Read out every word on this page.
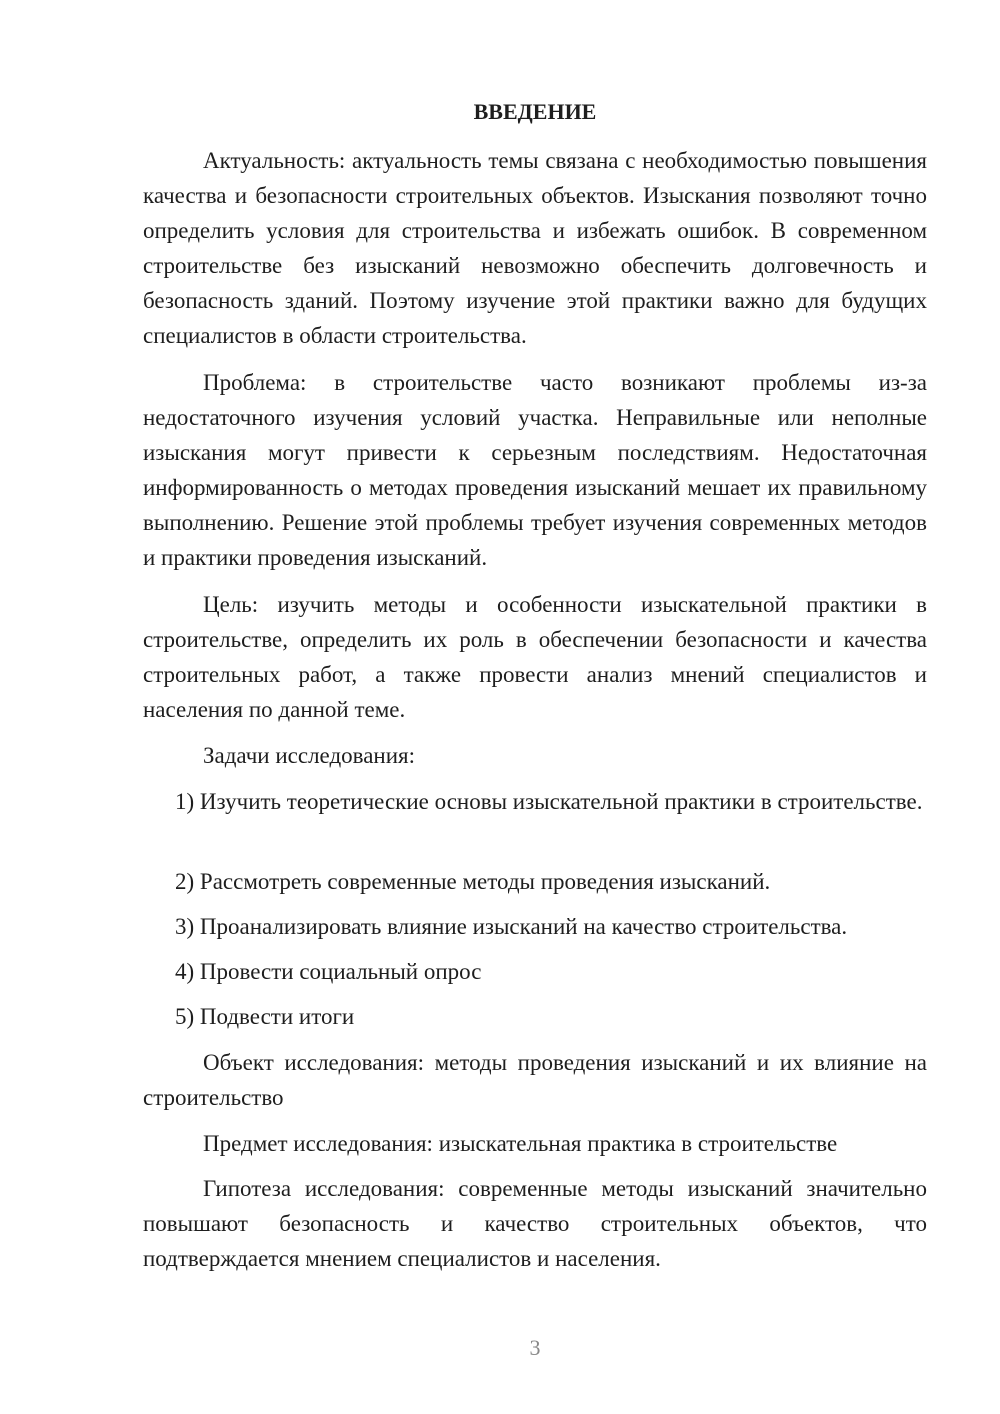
ВВЕДЕНИЕ

Актуальность: актуальность темы связана с необходимостью повышения качества и безопасности строительных объектов. Изыскания позволяют точно определить условия для строительства и избежать ошибок. В современном строительстве без изысканий невозможно обеспечить долговечность и безопасность зданий. Поэтому изучение этой практики важно для будущих специалистов в области строительства.

Проблема: в строительстве часто возникают проблемы из-за недостаточного изучения условий участка. Неправильные или неполные изыскания могут привести к серьезным последствиям. Недостаточная информированность о методах проведения изысканий мешает их правильному выполнению. Решение этой проблемы требует изучения современных методов и практики проведения изысканий.

Цель: изучить методы и особенности изыскательной практики в строительстве, определить их роль в обеспечении безопасности и качества строительных работ, а также провести анализ мнений специалистов и населения по данной теме.

Задачи исследования:

1) Изучить теоретические основы изыскательной практики в строительстве.

2) Рассмотреть современные методы проведения изысканий.

3) Проанализировать влияние изысканий на качество строительства.

4) Провести социальный опрос

5) Подвести итоги

Объект исследования: методы проведения изысканий и их влияние на строительство

Предмет исследования: изыскательная практика в строительстве

Гипотеза исследования: современные методы изысканий значительно повышают безопасность и качество строительных объектов, что подтверждается мнением специалистов и населения.

3
